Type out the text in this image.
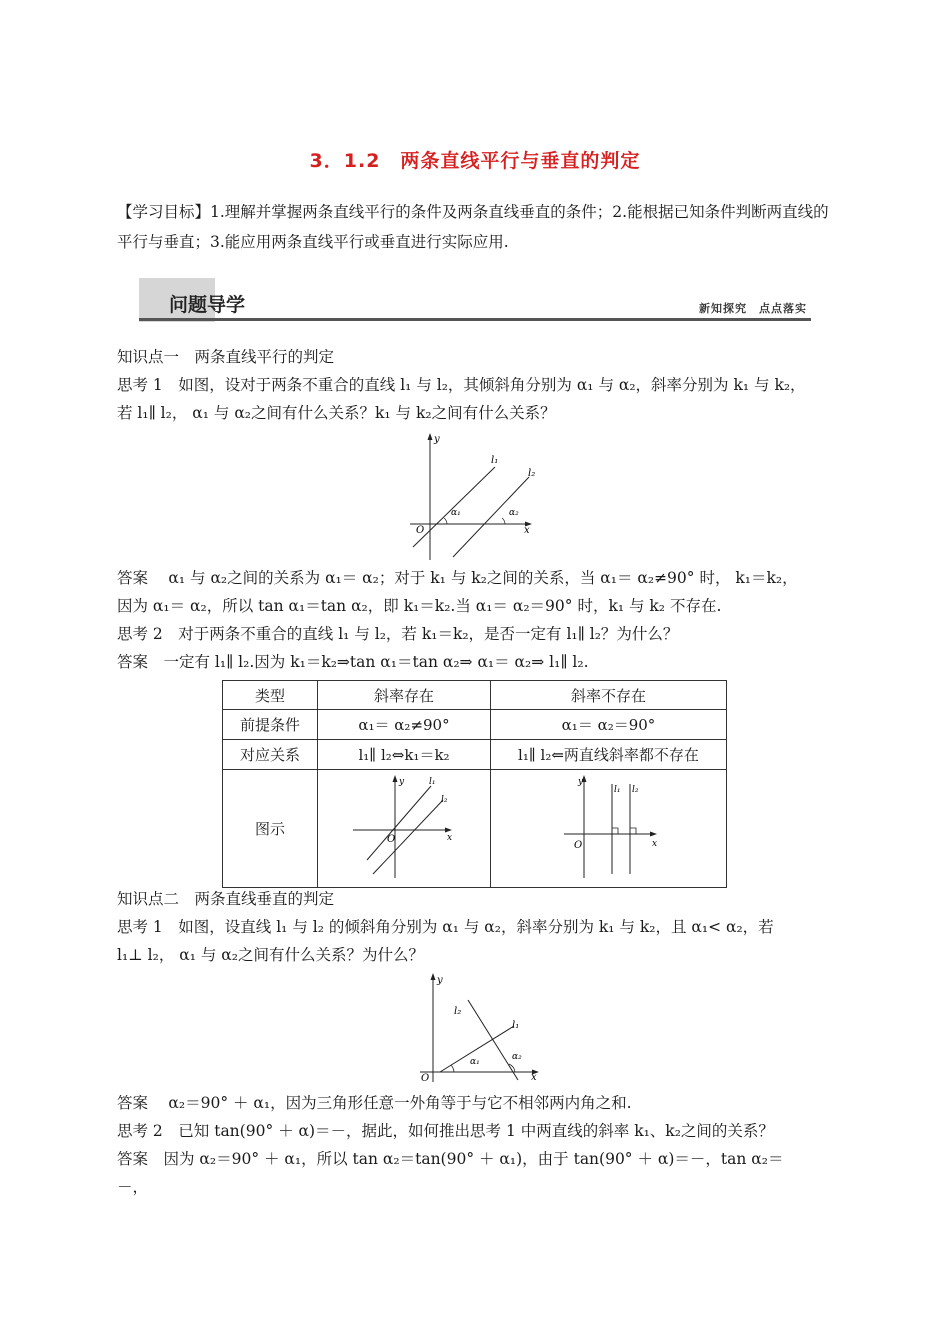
3．1.2　两条直线平行与垂直的判定
【学习目标】1.理解并掌握两条直线平行的条件及两条直线垂直的条件；2.能根据已知条件判断两直线的平行与垂直；3.能应用两条直线平行或垂直进行实际应用.
问题导学	新知探究　点点落实
知识点一　两条直线平行的判定
思考 1　如图，设对于两条不重合的直线 l₁ 与 l₂，其倾斜角分别为 α₁ 与 α₂，斜率分别为 k₁ 与 k₂，
若 l₁∥ l₂， α₁ 与 α₂之间有什么关系？k₁ 与 k₂之间有什么关系？
y
x
O
l₁
l₂
α₁	α₂
答案　 α₁ 与 α₂之间的关系为 α₁＝ α₂；对于 k₁ 与 k₂之间的关系，当 α₁＝ α₂≠90° 时， k₁＝k₂，
因为 α₁＝ α₂，所以 tan α₁＝tan α₂，即 k₁＝k₂.当 α₁＝ α₂＝90° 时，k₁ 与 k₂ 不存在.
思考 2　对于两条不重合的直线 l₁ 与 l₂，若 k₁＝k₂，是否一定有 l₁∥ l₂？为什么？
答案　一定有 l₁∥ l₂.因为 k₁＝k₂⇒tan α₁＝tan α₂⇒ α₁＝ α₂⇒ l₁∥ l₂.
类型	斜率存在	斜率不存在
前提条件	α₁＝ α₂≠90°	α₁＝ α₂＝90°
对应关系	l₁∥ l₂⇔k₁＝k₂	l₁∥ l₂⇐两直线斜率都不存在
图示	y
x
O
l₁
l₂	y
x
O
l₁ l₂
知识点二　两条直线垂直的判定
思考 1　如图，设直线 l₁ 与 l₂ 的倾斜角分别为 α₁ 与 α₂，斜率分别为 k₁ 与 k₂，且 α₁< α₂，若
l₁⊥ l₂， α₁ 与 α₂之间有什么关系？为什么？
y
x
O
l₁
l₂
α₁	α₂
答案　 α₂＝90° ＋ α₁，因为三角形任意一外角等于与它不相邻两内角之和.
思考 2　已知 tan(90° ＋ α)＝－，据此，如何推出思考 1 中两直线的斜率 k₁、k₂之间的关系？
答案　因为 α₂＝90° ＋ α₁，所以 tan α₂＝tan(90° ＋ α₁)，由于 tan(90° ＋ α)＝－，tan α₂＝
－，
